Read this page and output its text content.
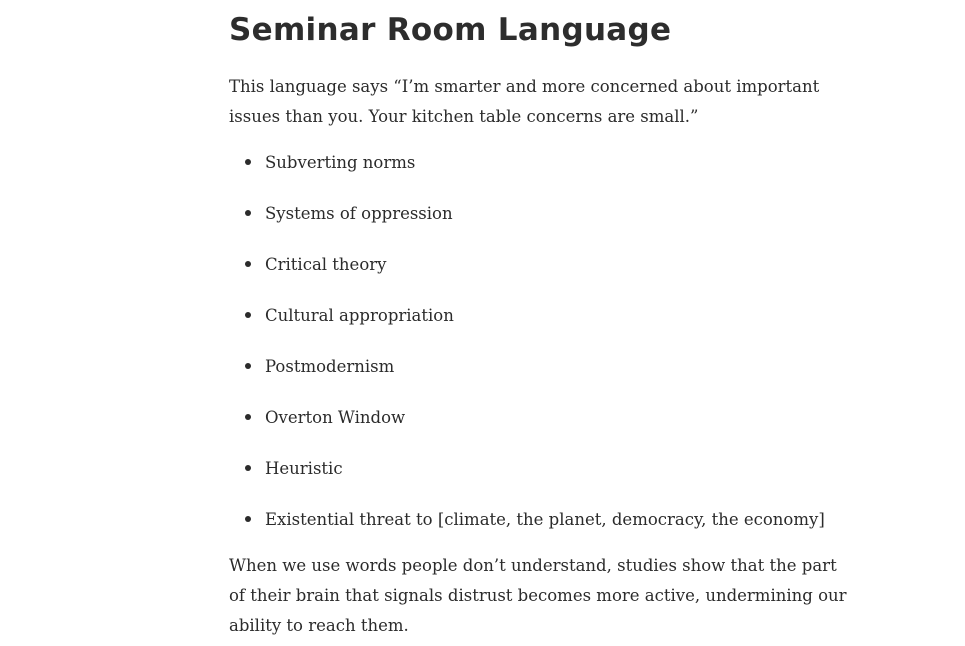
Seminar Room Language

This language says “I’m smarter and more concerned about important issues than you. Your kitchen table concerns are small.”

Subverting norms
Systems of oppression
Critical theory
Cultural appropriation
Postmodernism
Overton Window
Heuristic
Existential threat to [climate, the planet, democracy, the economy]

When we use words people don’t understand, studies show that the part of their brain that signals distrust becomes more active, undermining our ability to reach them.
